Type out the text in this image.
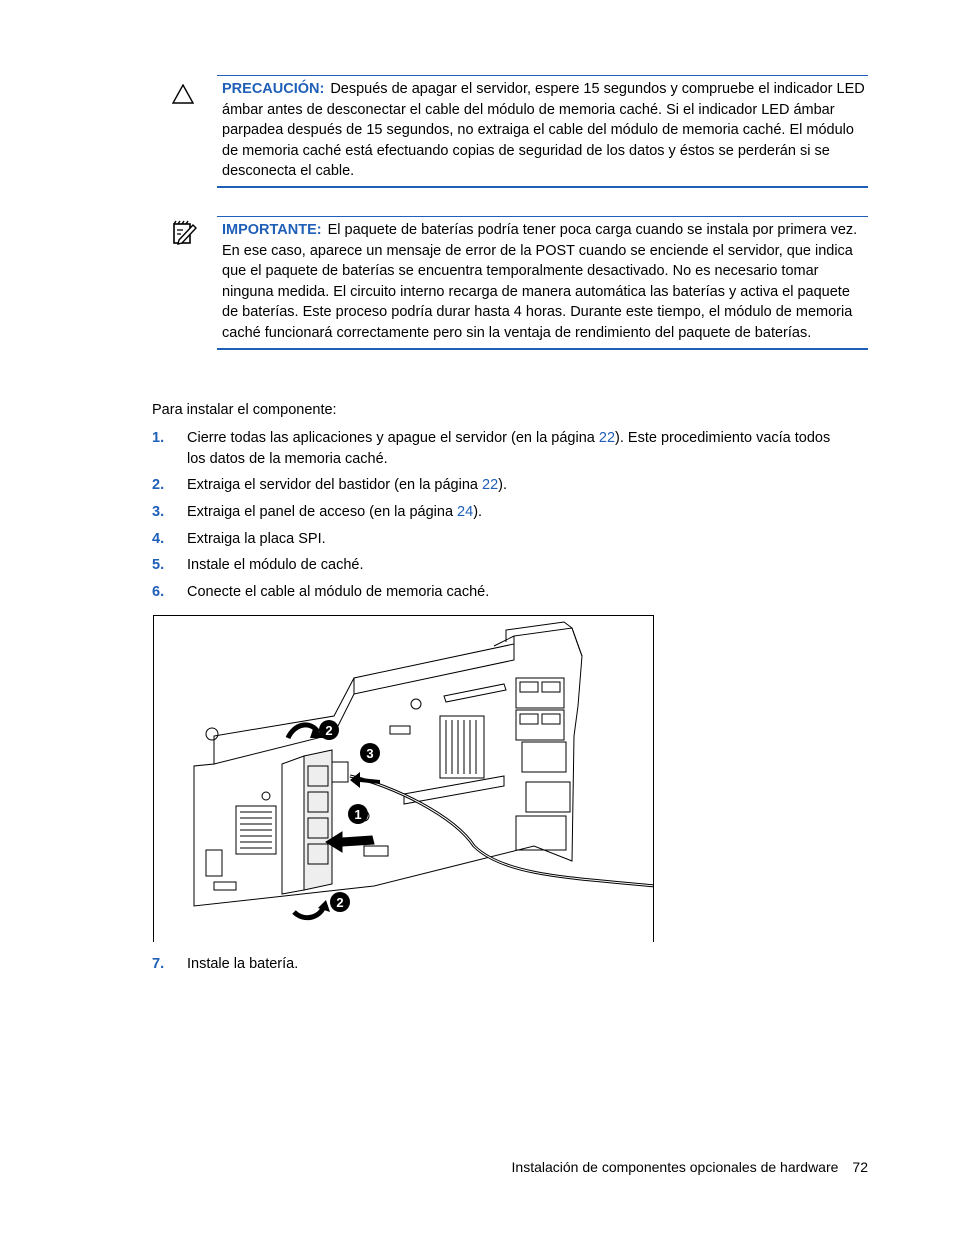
PRECAUCIÓN: Después de apagar el servidor, espere 15 segundos y compruebe el indicador LED ámbar antes de desconectar el cable del módulo de memoria caché. Si el indicador LED ámbar parpadea después de 15 segundos, no extraiga el cable del módulo de memoria caché. El módulo de memoria caché está efectuando copias de seguridad de los datos y éstos se perderán si se desconecta el cable.
IMPORTANTE: El paquete de baterías podría tener poca carga cuando se instala por primera vez. En ese caso, aparece un mensaje de error de la POST cuando se enciende el servidor, que indica que el paquete de baterías se encuentra temporalmente desactivado. No es necesario tomar ninguna medida. El circuito interno recarga de manera automática las baterías y activa el paquete de baterías. Este proceso podría durar hasta 4 horas. Durante este tiempo, el módulo de memoria caché funcionará correctamente pero sin la ventaja de rendimiento del paquete de baterías.
Para instalar el componente:
1. Cierre todas las aplicaciones y apague el servidor (en la página 22). Este procedimiento vacía todos los datos de la memoria caché.
2. Extraiga el servidor del bastidor (en la página 22).
3. Extraiga el panel de acceso (en la página 24).
4. Extraiga la placa SPI.
5. Instale el módulo de caché.
6. Conecte el cable al módulo de memoria caché.
2
3
1
2
7. Instale la batería.
Instalación de componentes opcionales de hardware 72
